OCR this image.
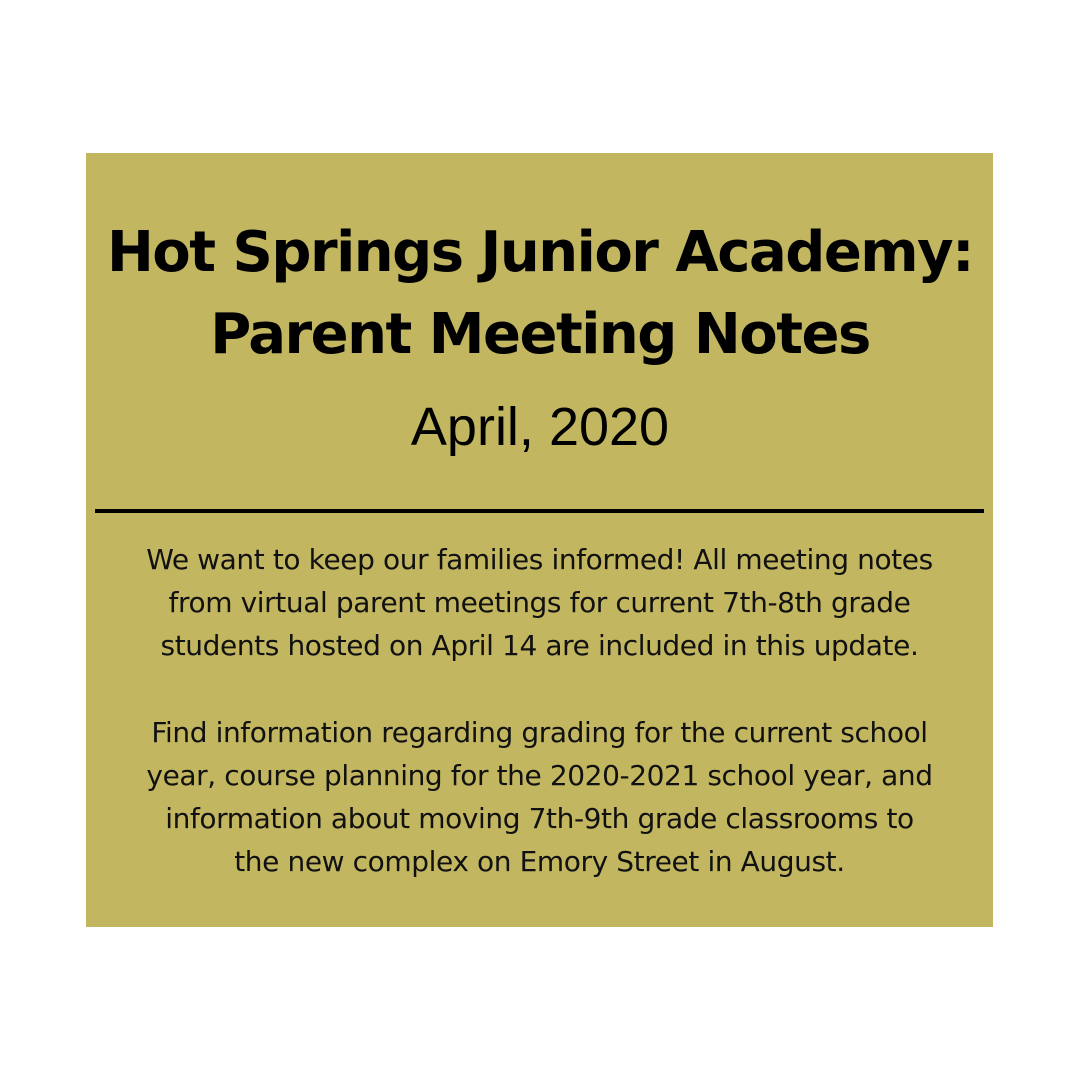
Hot Springs Junior Academy:
Parent Meeting Notes
April, 2020

We want to keep our families informed! All meeting notes
from virtual parent meetings for current 7th-8th grade
students hosted on April 14 are included in this update.

Find information regarding grading for the current school
year, course planning for the 2020-2021 school year, and
information about moving 7th-9th grade classrooms to
the new complex on Emory Street in August.
